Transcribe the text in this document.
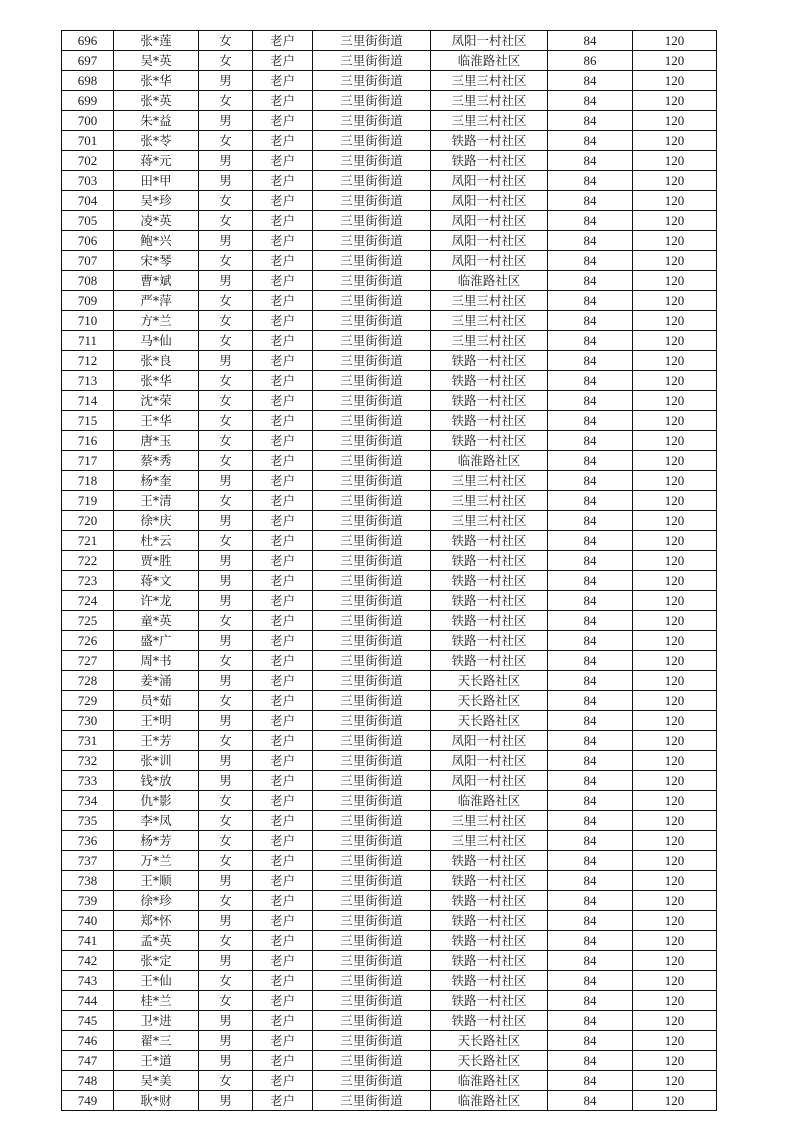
696	张*莲	女	老户	三里街街道	凤阳一村社区	84	120
697	吴*英	女	老户	三里街街道	临淮路社区	86	120
698	张*华	男	老户	三里街街道	三里三村社区	84	120
699	张*英	女	老户	三里街街道	三里三村社区	84	120
700	朱*益	男	老户	三里街街道	三里三村社区	84	120
701	张*苓	女	老户	三里街街道	铁路一村社区	84	120
702	蒋*元	男	老户	三里街街道	铁路一村社区	84	120
703	田*甲	男	老户	三里街街道	凤阳一村社区	84	120
704	吴*珍	女	老户	三里街街道	凤阳一村社区	84	120
705	凌*英	女	老户	三里街街道	凤阳一村社区	84	120
706	鲍*兴	男	老户	三里街街道	凤阳一村社区	84	120
707	宋*琴	女	老户	三里街街道	凤阳一村社区	84	120
708	曹*斌	男	老户	三里街街道	临淮路社区	84	120
709	严*萍	女	老户	三里街街道	三里三村社区	84	120
710	方*兰	女	老户	三里街街道	三里三村社区	84	120
711	马*仙	女	老户	三里街街道	三里三村社区	84	120
712	张*良	男	老户	三里街街道	铁路一村社区	84	120
713	张*华	女	老户	三里街街道	铁路一村社区	84	120
714	沈*荣	女	老户	三里街街道	铁路一村社区	84	120
715	王*华	女	老户	三里街街道	铁路一村社区	84	120
716	唐*玉	女	老户	三里街街道	铁路一村社区	84	120
717	蔡*秀	女	老户	三里街街道	临淮路社区	84	120
718	杨*奎	男	老户	三里街街道	三里三村社区	84	120
719	王*清	女	老户	三里街街道	三里三村社区	84	120
720	徐*庆	男	老户	三里街街道	三里三村社区	84	120
721	杜*云	女	老户	三里街街道	铁路一村社区	84	120
722	贾*胜	男	老户	三里街街道	铁路一村社区	84	120
723	蒋*文	男	老户	三里街街道	铁路一村社区	84	120
724	许*龙	男	老户	三里街街道	铁路一村社区	84	120
725	童*英	女	老户	三里街街道	铁路一村社区	84	120
726	盛*广	男	老户	三里街街道	铁路一村社区	84	120
727	周*书	女	老户	三里街街道	铁路一村社区	84	120
728	姜*涌	男	老户	三里街街道	天长路社区	84	120
729	员*茹	女	老户	三里街街道	天长路社区	84	120
730	王*明	男	老户	三里街街道	天长路社区	84	120
731	王*芳	女	老户	三里街街道	凤阳一村社区	84	120
732	张*训	男	老户	三里街街道	凤阳一村社区	84	120
733	钱*放	男	老户	三里街街道	凤阳一村社区	84	120
734	仇*影	女	老户	三里街街道	临淮路社区	84	120
735	李*凤	女	老户	三里街街道	三里三村社区	84	120
736	杨*芳	女	老户	三里街街道	三里三村社区	84	120
737	万*兰	女	老户	三里街街道	铁路一村社区	84	120
738	王*顺	男	老户	三里街街道	铁路一村社区	84	120
739	徐*珍	女	老户	三里街街道	铁路一村社区	84	120
740	郑*怀	男	老户	三里街街道	铁路一村社区	84	120
741	孟*英	女	老户	三里街街道	铁路一村社区	84	120
742	张*定	男	老户	三里街街道	铁路一村社区	84	120
743	王*仙	女	老户	三里街街道	铁路一村社区	84	120
744	桂*兰	女	老户	三里街街道	铁路一村社区	84	120
745	卫*进	男	老户	三里街街道	铁路一村社区	84	120
746	翟*三	男	老户	三里街街道	天长路社区	84	120
747	王*道	男	老户	三里街街道	天长路社区	84	120
748	吴*美	女	老户	三里街街道	临淮路社区	84	120
749	耿*财	男	老户	三里街街道	临淮路社区	84	120
